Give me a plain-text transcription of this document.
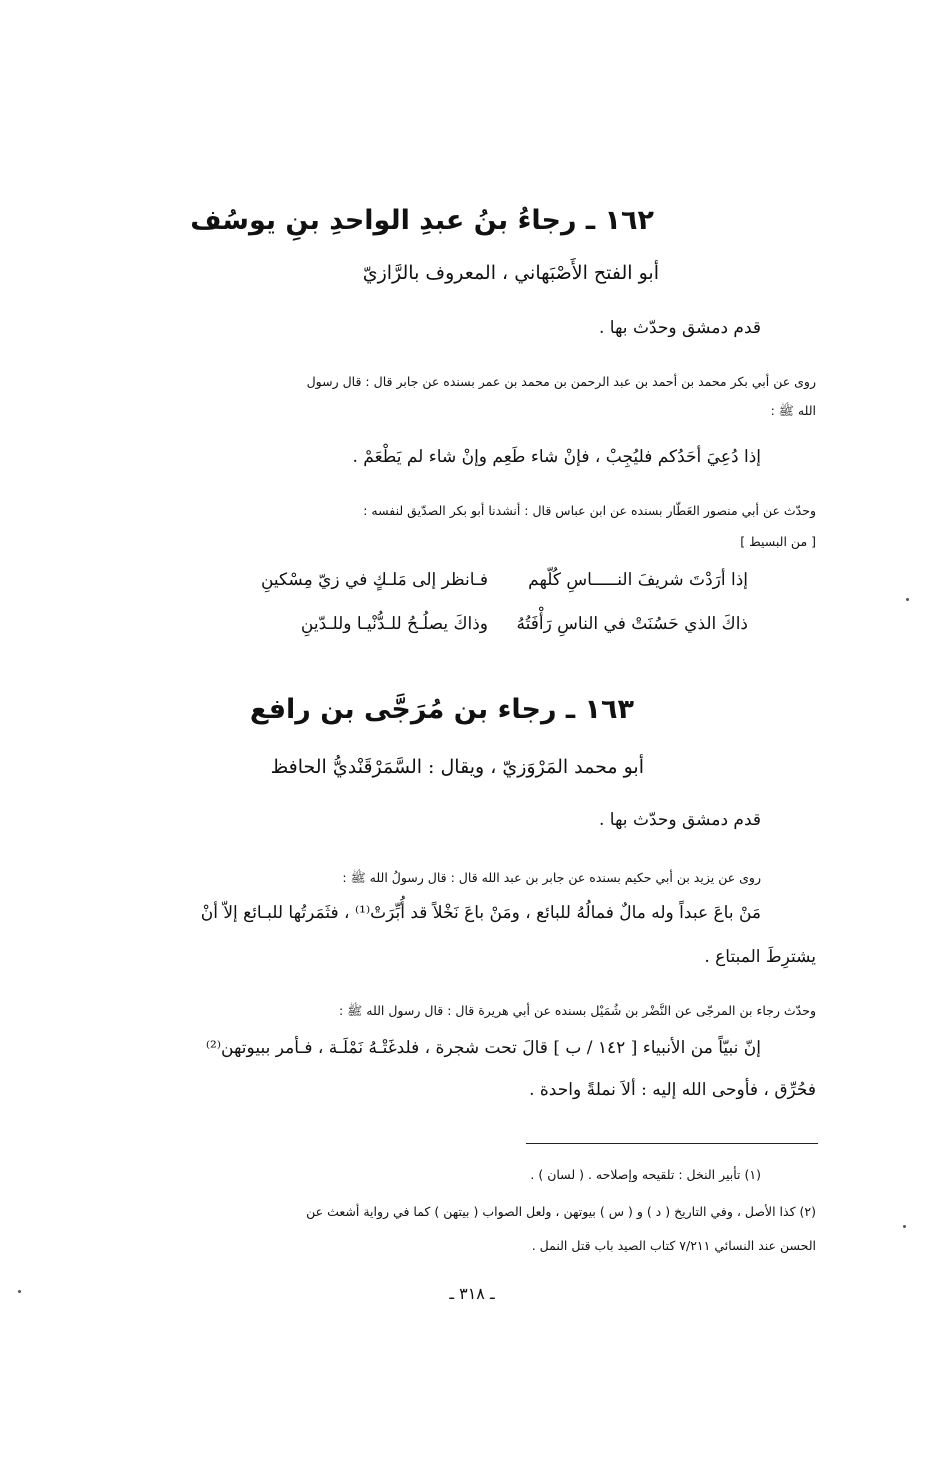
١٦٢ ـ رجاءُ بنُ عبدِ الواحدِ بنِ يوسُف
أبو الفتح الأَصْبَهاني ، المعروف بالرَّازيّ
قدم دمشق وحدّث بها .
روى عن أبي بكر محمد بن أحمد بن عبد الرحمن بن محمد بن عمر بسنده عن جابر قال : قال رسول
الله ﷺ :
إذا دُعِيَ أحَدُكم فليُجِبْ ، فإنْ شاء طَعِم وإنْ شاء لم يَطْعَمْ .
وحدّث عن أبي منصور العَطّار بسنده عن ابن عباس قال : أنشدنا أبو بكر الصدّيق لنفسه :
[ من البسيط ]
إذا أرَدْتَ شريفَ النـــــاسِ كُلّهم
فـانظر إلى مَلـكٍ في زيّ مِسْكينِ
ذاكَ الذي حَسُنَتْ في الناسِ رَأْفَتُهُ
وذاكَ يصلُـحُ للـدُّنْيـا وللـدّينِ
١٦٣ ـ رجاء بن مُرَجَّى بن رافع
أبو محمد المَرْوَزيّ ، ويقال : السَّمَرْقَنْديُّ الحافظ
قدم دمشق وحدّث بها .
روى عن يزيد بن أبي حكيم بسنده عن جابر بن عبد الله قال : قال رسولُ الله ﷺ :
مَنْ باعَ عبداً وله مالٌ فمالُهُ للبائع ، ومَنْ باعَ نَخْلاً قد أُبِّرَتْ⁽¹⁾ ، فثَمَرتُها للبـائع إلاّ أنْ
يشترِطَ المبتاع .
وحدّث رجاء بن المرجّى عن النَّضْر بن شُمَيْل بسنده عن أبي هريرة قال : قال رسول الله ﷺ :
إنّ نبيّاً من الأنبياء [ ١٤٢ / ب ] قالَ تحت شجرة ، فلدغَتْـهُ نَمْلَـة ، فـأمر ببيوتهن⁽²⁾
فحُرِّق ، فأوحى الله إليه : ألاَ نملةً واحدة .
(١) تأبير النخل : تلقيحه وإصلاحه . ( لسان ) .
(٢) كذا الأصل ، وفي التاريخ ( د ) و ( س ) بيوتهن ، ولعل الصواب ( بيتهن ) كما في رواية أشعث عن
الحسن عند النسائي ٧/٢١١ كتاب الصيد باب قتل النمل .
ـ ٣١٨ ـ
